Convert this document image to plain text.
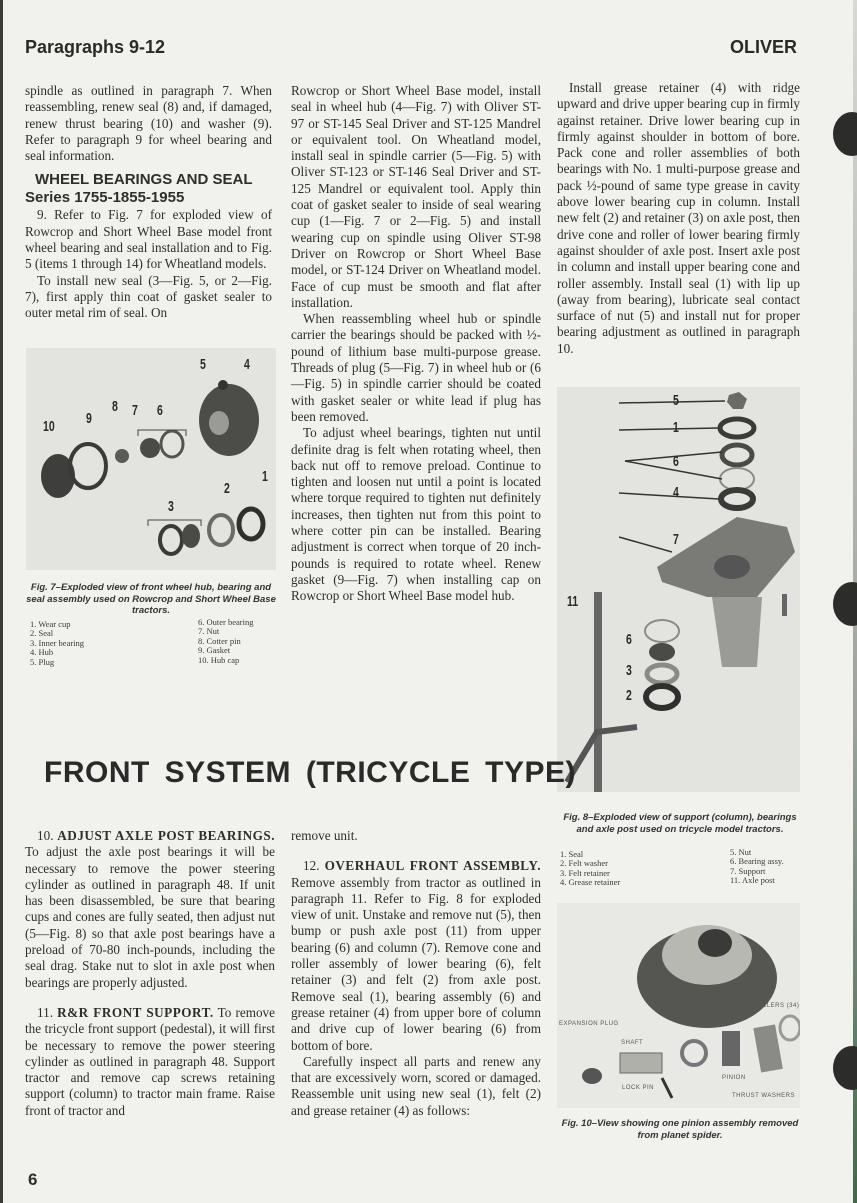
Paragraphs 9-12	OLIVER

spindle as outlined in paragraph 7. When reassembling, renew seal (8) and, if damaged, renew thrust bearing (10) and washer (9). Refer to paragraph 9 for wheel bearing and seal information.

WHEEL BEARINGS AND SEAL
Series 1755-1855-1955

9. Refer to Fig. 7 for exploded view of Rowcrop and Short Wheel Base model front wheel bearing and seal installation and to Fig. 5 (items 1 through 14) for Wheatland models.

To install new seal (3—Fig. 5, or 2—Fig. 7), first apply thin coat of gasket sealer to outer metal rim of seal. On

10 9
8 7 6
5	4
3
2
1
Fig. 7–Exploded view of front wheel hub, bearing and seal assembly used on Rowcrop and Short Wheel Base tractors.
1. Wear cup
2. Seal
3. Inner bearing
4. Hub
5. Plug
6. Outer bearing
7. Nut
8. Cotter pin
9. Gasket
10. Hub cap

Rowcrop or Short Wheel Base model, install seal in wheel hub (4—Fig. 7) with Oliver ST-97 or ST-145 Seal Driver and ST-125 Mandrel or equivalent tool. On Wheatland model, install seal in spindle carrier (5—Fig. 5) with Oliver ST-123 or ST-146 Seal Driver and ST-125 Mandrel or equivalent tool. Apply thin coat of gasket sealer to inside of seal wearing cup (1—Fig. 7 or 2—Fig. 5) and install wearing cup on spindle using Oliver ST-98 Driver on Rowcrop or Short Wheel Base model, or ST-124 Driver on Wheatland model. Face of cup must be smooth and flat after installation.

When reassembling wheel hub or spindle carrier the bearings should be packed with ½-pound of lithium base multi-purpose grease. Threads of plug (5—Fig. 7) in wheel hub or (6—Fig. 5) in spindle carrier should be coated with gasket sealer or white lead if plug has been removed.

To adjust wheel bearings, tighten nut until definite drag is felt when rotating wheel, then back nut off to remove preload. Continue to tighten and loosen nut until a point is located where torque required to tighten nut definitely increases, then tighten nut from this point to where cotter pin can be installed. Bearing adjustment is correct when torque of 20 inch-pounds is required to rotate wheel. Renew gasket (9—Fig. 7) when installing cap on Rowcrop or Short Wheel Base model hub.

Install grease retainer (4) with ridge upward and drive upper bearing cup in firmly against retainer. Drive lower bearing cup in firmly against shoulder in bottom of bore. Pack cone and roller assemblies of both bearings with No. 1 multi-purpose grease and pack ½-pound of same type grease in cavity above lower bearing cup in column. Install new felt (2) and retainer (3) on axle post, then drive cone and roller of lower bearing firmly against shoulder of axle post. Insert axle post in column and install upper bearing cone and roller assembly. Install seal (1) with lip up (away from bearing), lubricate seal contact surface of nut (5) and install nut for proper bearing adjustment as outlined in paragraph 10.

5
1
6
4
7
11
6
3
2
Fig. 8–Exploded view of support (column), bearings and axle post used on tricycle model tractors.
1. Seal
2. Felt washer
3. Felt retainer
4. Grease retainer
5. Nut
6. Bearing assy.
7. Support
11. Axle post
FRONT SYSTEM (TRICYCLE TYPE)

10. ADJUST AXLE POST BEARINGS. To adjust the axle post bearings it will be necessary to remove the power steering cylinder as outlined in paragraph 48. If unit has been disassembled, be sure that bearing cups and cones are fully seated, then adjust nut (5—Fig. 8) so that axle post bearings have a preload of 70-80 inch-pounds, including the seal drag. Stake nut to slot in axle post when bearings are properly adjusted.

11. R&R FRONT SUPPORT. To remove the tricycle front support (pedestal), it will first be necessary to remove the power steering cylinder as outlined in paragraph 48. Support tractor and remove cap screws retaining support (column) to tractor main frame. Raise front of tractor and

remove unit.

12. OVERHAUL FRONT ASSEMBLY. Remove assembly from tractor as outlined in paragraph 11. Refer to Fig. 8 for exploded view of unit. Unstake and remove nut (5), then bump or push axle post (11) from upper bearing (6) and column (7). Remove cone and roller assembly of lower bearing (6), felt retainer (3) and felt (2) from axle post. Remove seal (1), bearing assembly (6) and grease retainer (4) from upper bore of column and drive cup of lower bearing (6) from bottom of bore.

Carefully inspect all parts and renew any that are excessively worn, scored or damaged. Reassemble unit using new seal (1), felt (2) and grease retainer (4) as follows:

EXPANSION PLUG
SHAFT
LOCK PIN
PINION
THRUST WASHERS
ROLLERS (34)
Fig. 10–View showing one pinion assembly removed from planet spider.
6
